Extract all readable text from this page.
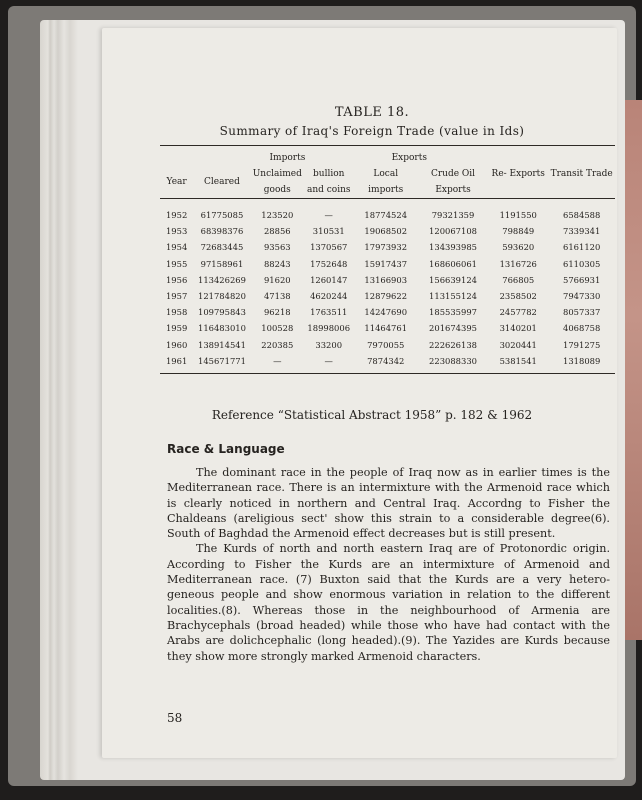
TABLE 18.
Summary of Iraq's Foreign Trade (value in Ids)
	Imports			Exports			
Year	Cleared	Unclaimed goods	bullion and coins	Local imports	Crude Oil Exports	Re- Exports	Transit Trade

1952	61775085	123520	—	18774524	79321359	1191550	6584588
1953	68398376	28856	310531	19068502	120067108	798849	7339341
1954	72683445	93563	1370567	17973932	134393985	593620	6161120
1955	97158961	88243	1752648	15917437	168606061	1316726	6110305
1956	113426269	91620	1260147	13166903	156639124	766805	5766931
1957	121784820	47138	4620244	12879622	113155124	2358502	7947330
1958	109795843	96218	1763511	14247690	185535997	2457782	8057337
1959	116483010	100528	18998006	11464761	201674395	3140201	4068758
1960	138914541	220385	33200	7970055	222626138	3020441	1791275
1961	145671771	—	—	7874342	223088330	5381541	1318089

Reference “Statistical Abstract 1958” p. 182 & 1962
Race & Language

The dominant race in the people of Iraq now as in earlier times is the Mediterranean race. There is an intermixture with the Armenoid race which is clearly noticed in northern and Central Iraq. Accordng to Fisher the Chaldeans (areligious sect' show this strain to a considerable degree(6). South of Baghdad the Armenoid effect decreases but is still present.

The Kurds of north and north eastern Iraq are of Protonordic origin. According to Fisher the Kurds are an intermixture of Armenoid and Mediterranean race. (7) Buxton said that the Kurds are a very hetero-geneous people and show enormous variation in relation to the different localities.(8). Whereas those in the neighbourhood of Armenia are Brachycephals (broad headed) while those who have had contact with the Arabs are dolichcephalic (long headed).(9). The Yazides are Kurds because they show more strongly marked Armenoid characters.

58
